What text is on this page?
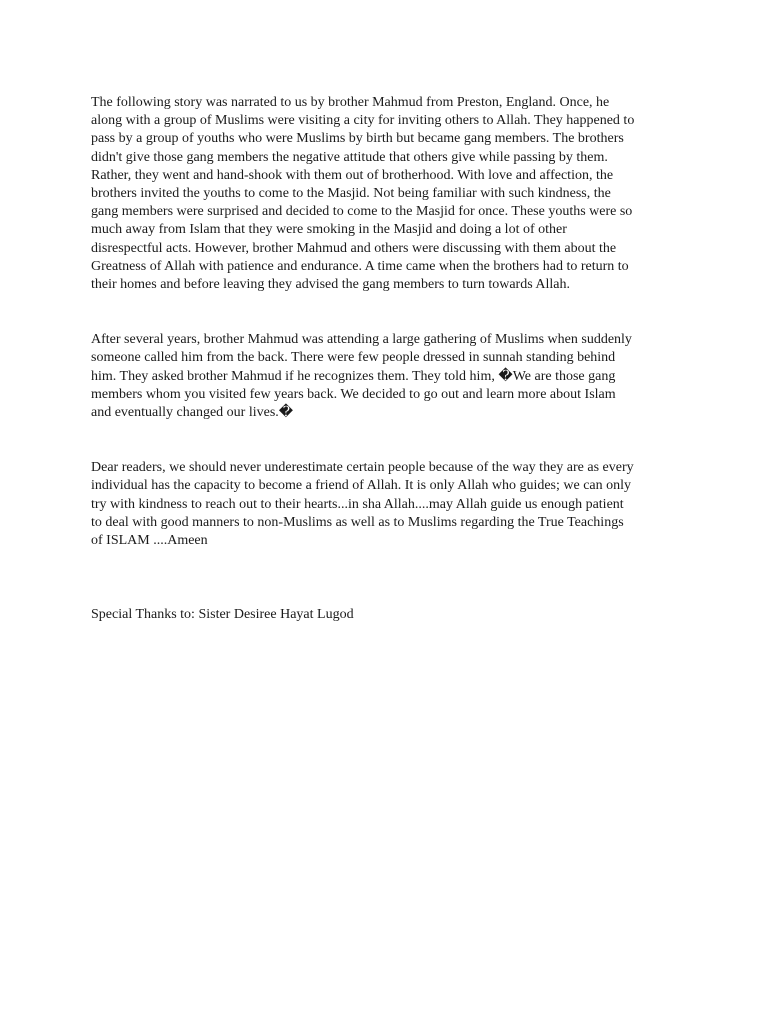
The following story was narrated to us by brother Mahmud from Preston, England. Once, he
along with a group of Muslims were visiting a city for inviting others to Allah. They happened to
pass by a group of youths who were Muslims by birth but became gang members. The brothers
didn't give those gang members the negative attitude that others give while passing by them.
Rather, they went and hand-shook with them out of brotherhood. With love and affection, the
brothers invited the youths to come to the Masjid. Not being familiar with such kindness, the
gang members were surprised and decided to come to the Masjid for once. These youths were so
much away from Islam that they were smoking in the Masjid and doing a lot of other
disrespectful acts. However, brother Mahmud and others were discussing with them about the
Greatness of Allah with patience and endurance. A time came when the brothers had to return to
their homes and before leaving they advised the gang members to turn towards Allah.

After several years, brother Mahmud was attending a large gathering of Muslims when suddenly
someone called him from the back. There were few people dressed in sunnah standing behind
him. They asked brother Mahmud if he recognizes them. They told him, �We are those gang
members whom you visited few years back. We decided to go out and learn more about Islam
and eventually changed our lives.�

Dear readers, we should never underestimate certain people because of the way they are as every
individual has the capacity to become a friend of Allah. It is only Allah who guides; we can only
try with kindness to reach out to their hearts...in sha Allah....may Allah guide us enough patient
to deal with good manners to non-Muslims as well as to Muslims regarding the True Teachings
of ISLAM ....Ameen

Special Thanks to: Sister Desiree Hayat Lugod
